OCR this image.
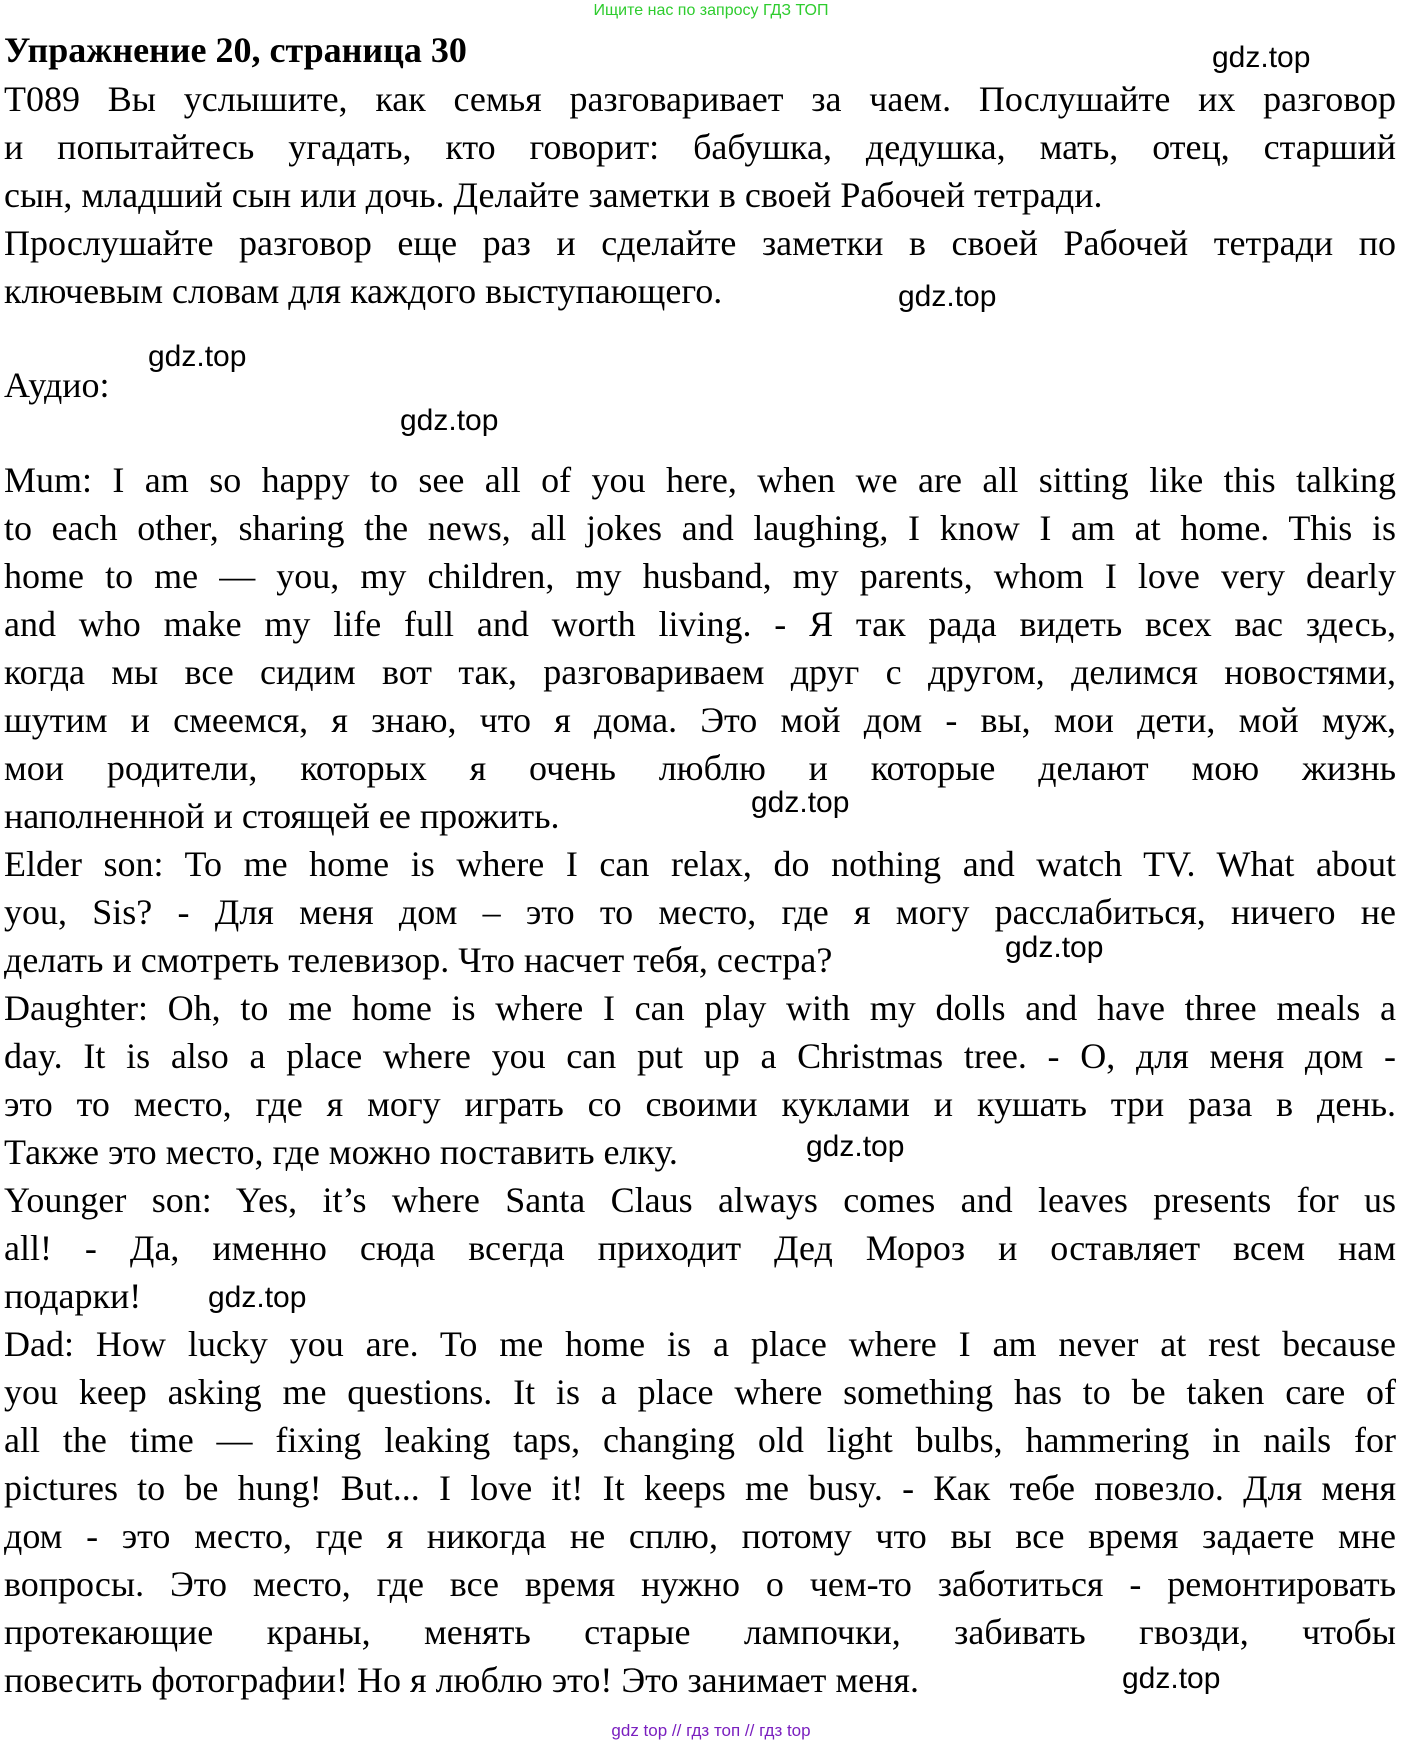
Ищите нас по запросу ГДЗ ТОП
Упражнение 20, страница 30
Т089 Вы услышите, как семья разговаривает за чаем. Послушайте их разговор
и попытайтесь угадать, кто говорит: бабушка, дедушка, мать, отец, старший
сын, младший сын или дочь. Делайте заметки в своей Рабочей тетради.
Прослушайте разговор еще раз и сделайте заметки в своей Рабочей тетради по
ключевым словам для каждого выступающего.
Аудио:
Mum: I am so happy to see all of you here, when we are all sitting like this talking
to each other, sharing the news, all jokes and laughing, I know I am at home. This is
home to me — you, my children, my husband, my parents, whom I love very dearly
and who make my life full and worth living. - Я так рада видеть всех вас здесь,
когда мы все сидим вот так, разговариваем друг с другом, делимся новостями,
шутим и смеемся, я знаю, что я дома. Это мой дом - вы, мои дети, мой муж,
мои родители, которых я очень люблю и которые делают мою жизнь
наполненной и стоящей ее прожить.
Elder son: To me home is where I can relax, do nothing and watch TV. What about
you, Sis? - Для меня дом – это то место, где я могу расслабиться, ничего не
делать и смотреть телевизор. Что насчет тебя, сестра?
Daughter: Oh, to me home is where I can play with my dolls and have three meals a
day. It is also a place where you can put up a Christmas tree. - О, для меня дом -
это то место, где я могу играть со своими куклами и кушать три раза в день.
Также это место, где можно поставить елку.
Younger son: Yes, it’s where Santa Claus always comes and leaves presents for us
all! - Да, именно сюда всегда приходит Дед Мороз и оставляет всем нам
подарки!
Dad: How lucky you are. To me home is a place where I am never at rest because
you keep asking me questions. It is a place where something has to be taken care of
all the time — fixing leaking taps, changing old light bulbs, hammering in nails for
pictures to be hung! But... I love it! It keeps me busy. - Как тебе повезло. Для меня
дом - это место, где я никогда не сплю, потому что вы все время задаете мне
вопросы. Это место, где все время нужно о чем-то заботиться - ремонтировать
протекающие краны, менять старые лампочки, забивать гвозди, чтобы
повесить фотографии! Но я люблю это! Это занимает меня.
gdz.top
gdz.top
gdz.top
gdz.top
gdz.top
gdz.top
gdz.top
gdz.top
gdz.top
gdz top // гдз топ // гдз top
